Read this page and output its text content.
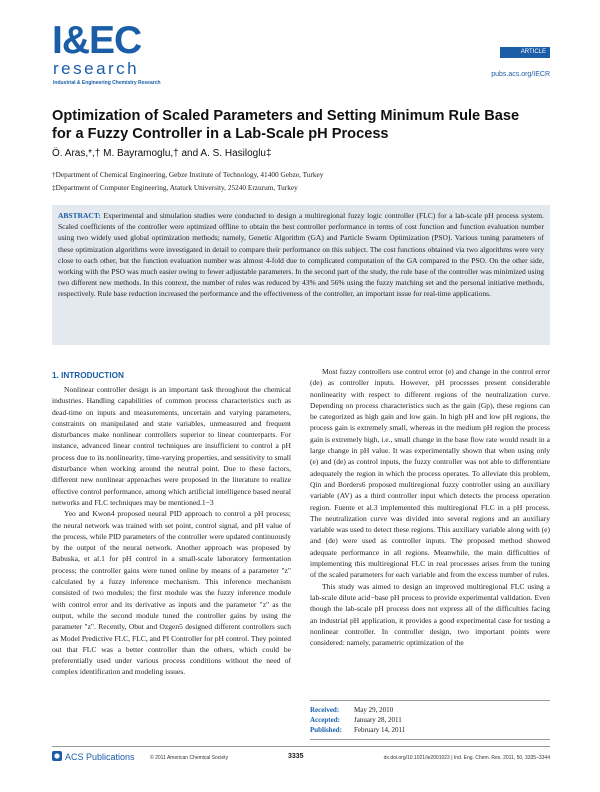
I&EC
research
Industrial & Engineering Chemistry Research
ARTICLE
pubs.acs.org/IECR
Optimization of Scaled Parameters and Setting Minimum Rule Base for a Fuzzy Controller in a Lab-Scale pH Process
Ö. Aras,*,† M. Bayramoglu,† and A. S. Hasiloglu‡
†Department of Chemical Engineering, Gebze Institute of Technology, 41400 Gebze, Turkey
‡Department of Computer Engineering, Ataturk University, 25240 Erzurum, Turkey
ABSTRACT: Experimental and simulation studies were conducted to design a multiregional fuzzy logic controller (FLC) for a lab-scale pH process system. Scaled coefficients of the controller were optimized offline to obtain the best controller performance in terms of cost function and function evaluation number using two widely used global optimization methods; namely, Genetic Algorithm (GA) and Particle Swarm Optimization (PSO). Various tuning parameters of these optimization algorithms were investigated in detail to compare their performance on this subject. The cost functions obtained via two algorithms were very close to each other, but the function evaluation number was almost 4-fold due to complicated computation of the GA compared to the PSO. On the other side, working with the PSO was much easier owing to fewer adjustable parameters. In the second part of the study, the rule base of the controller was minimized using two different new methods. In this context, the number of rules was reduced by 43% and 56% using the fuzzy matching set and the personal initiative methods, respectively. Rule base reduction increased the performance and the effectiveness of the controller, an important issue for real-time applications.
1. INTRODUCTION

Nonlinear controller design is an important task throughout the chemical industries. Handling capabilities of common process characteristics such as dead-time on inputs and measurements, uncertain and varying parameters, constraints on manipulated and state variables, unmeasured and frequent disturbances make nonlinear controllers superior to linear counterparts. For instance, advanced linear control techniques are insufficient to control a pH process due to its nonlinearity, time-varying properties, and sensitivity to small disturbance when working around the neutral point. Due to these factors, different new nonlinear approaches were proposed in the literature to realize effective control performance, among which artificial intelligence based neural networks and FLC techniques may be mentioned.1−3

Yeo and Kwon4 proposed neural PID approach to control a pH process; the neural network was trained with set point, control signal, and pH value of the process, while PID parameters of the controller were updated continuously by the output of the neural network. Another approach was proposed by Babuska, et al.1 for pH control in a small-scale laboratory fermentation process; the controller gains were tuned online by means of a parameter "z" calculated by a fuzzy inference mechanism. This inference mechanism consisted of two modules; the first module was the fuzzy inference module with control error and its derivative as inputs and the parameter "z" as the output, while the second module tuned the controller gains by using the parameter "z". Recently, Obut and Ozgen5 designed different controllers such as Model Predictive FLC, FLC, and PI Controller for pH control. They pointed out that FLC was a better controller than the others, which could be preferentially used under various process conditions without the need of complex identification and modeling issues.

Most fuzzy controllers use control error (e) and change in the control error (de) as controller inputs. However, pH processes present considerable nonlinearity with respect to different regions of the neutralization curve. Depending on process characteristics such as the gain (Gp), these regions can be categorized as high gain and low gain. In high pH and low pH regions, the process gain is extremely small, whereas in the medium pH region the process gain is extremely high, i.e., small change in the base flow rate would result in a large change in pH value. It was experimentally shown that when using only (e) and (de) as control inputs, the fuzzy controller was not able to differentiate adequately the region in which the process operates. To alleviate this problem, Qin and Borders6 proposed multiregional fuzzy controller using an auxiliary variable (AV) as a third controller input which detects the process operation region. Fuente et al.3 implemented this multiregional FLC in a pH process. The neutralization curve was divided into several regions and an auxiliary variable was used to detect these regions. This auxiliary variable along with (e) and (de) were used as controller inputs. The proposed method showed adequate performance in all regions. Meanwhile, the main difficulties of implementing this multiregional FLC in real processes arises from the tuning of the scaled parameters for each variable and from the excess number of rules.

This study was aimed to design an improved multiregional FLC using a lab-scale dilute acid−base pH process to provide experimental validation. Even though the lab-scale pH process does not express all of the difficulties facing an industrial pH application, it provides a good experimental case for testing a nonlinear controller. In controller design, two important points were considered: namely, parametric optimization of the

Received: May 29, 2010
Accepted: January 28, 2011
Published: February 14, 2011
ACS Publications	© 2011 American Chemical Society	3335	dx.doi.org/10.1021/ie2001023 | Ind. Eng. Chem. Res. 2011, 50, 3335–3344
